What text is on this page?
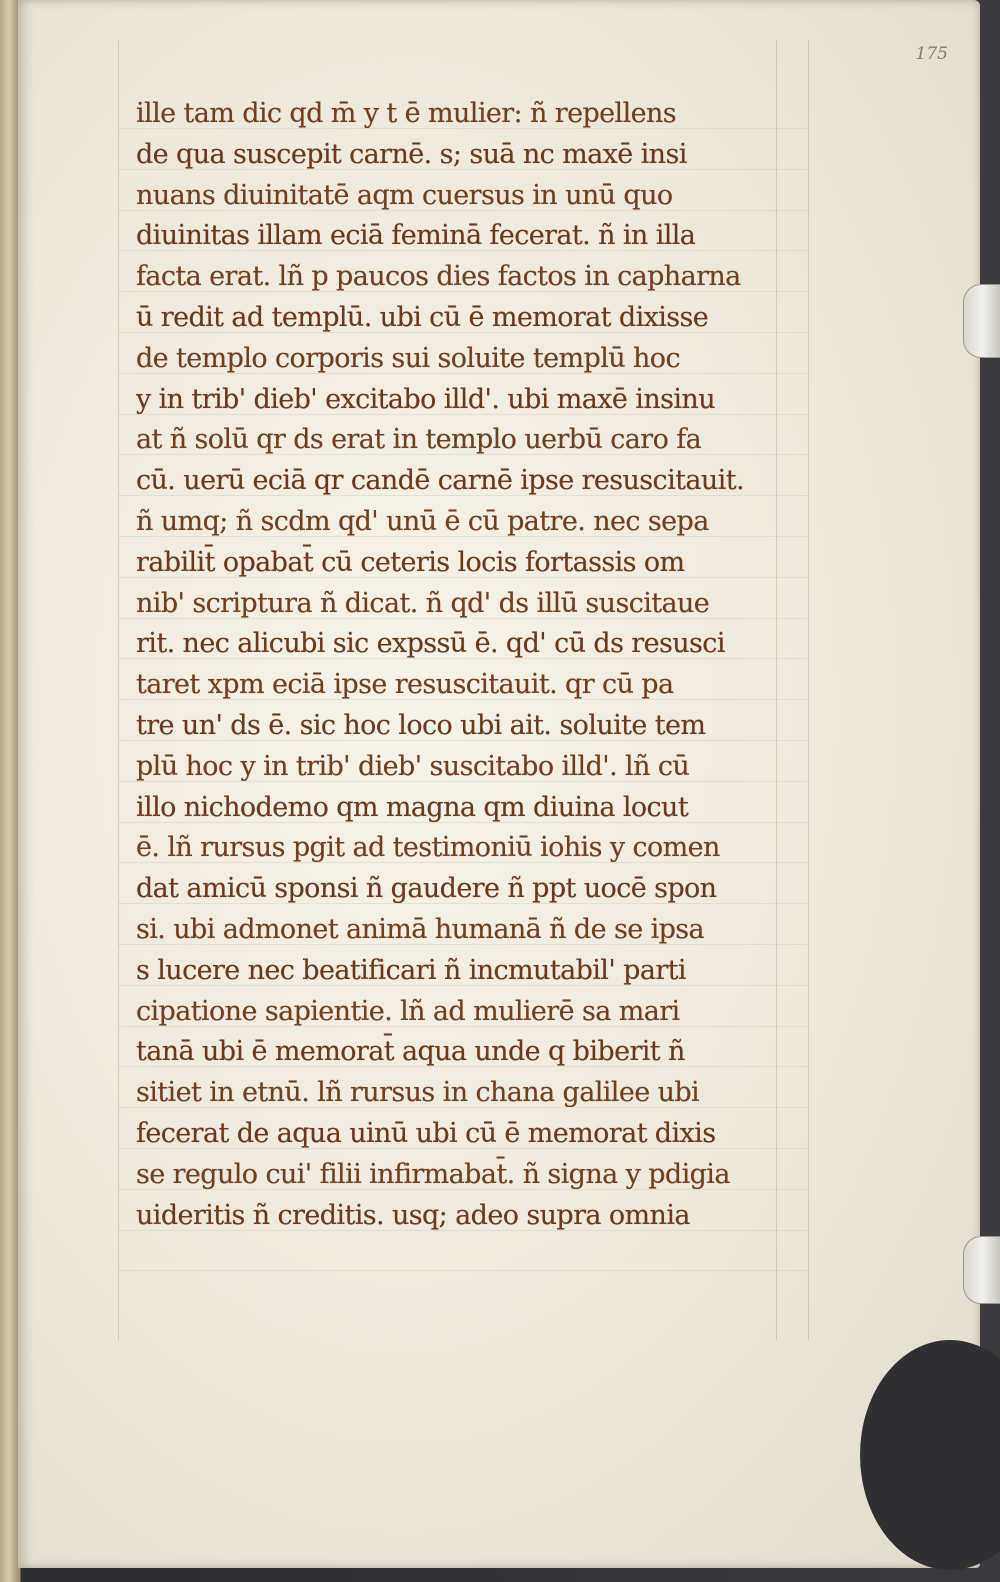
175
ille tam dic qd m̄ y t ē mulier: ñ repellens
de qua suscepit carnē. s; suā nc maxē insi
nuans diuinitatē aqm cuersus in unū quo
diuinitas illam eciā feminā fecerat. ñ in illa
facta erat. lñ p paucos dies factos in capharna
ū redit ad templū. ubi cū ē memorat dixisse
de templo corporis sui soluite templū hoc
y in trib' dieb' excitabo illd'. ubi maxē insinu
at ñ solū qr ds erat in templo uerbū caro fa
cū. uerū eciā qr candē carnē ipse resuscitauit.
ñ umq; ñ scdm qd' unū ē cū patre. nec sepa
rabilit̄ opabat̄ cū ceteris locis fortassis om
nib' scriptura ñ dicat. ñ qd' ds illū suscitaue
rit. nec alicubi sic expssū ē. qd' cū ds resusci
taret xpm eciā ipse resuscitauit. qr cū pa
tre un' ds ē. sic hoc loco ubi ait. soluite tem
plū hoc y in trib' dieb' suscitabo illd'. lñ cū
illo nichodemo qm magna qm diuina locut
ē. lñ rursus pgit ad testimoniū iohis y comen
dat amicū sponsi ñ gaudere ñ ppt uocē spon
si. ubi admonet animā humanā ñ de se ipsa
s lucere nec beatificari ñ incmutabil' parti
cipatione sapientie. lñ ad mulierē sa mari
tanā ubi ē memorat̄ aqua unde q biberit ñ
sitiet in etnū. lñ rursus in chana galilee ubi
fecerat de aqua uinū ubi cū ē memorat dixis
se regulo cui' filii infirmabat̄. ñ signa y pdigia
uideritis ñ creditis. usq; adeo supra omnia
